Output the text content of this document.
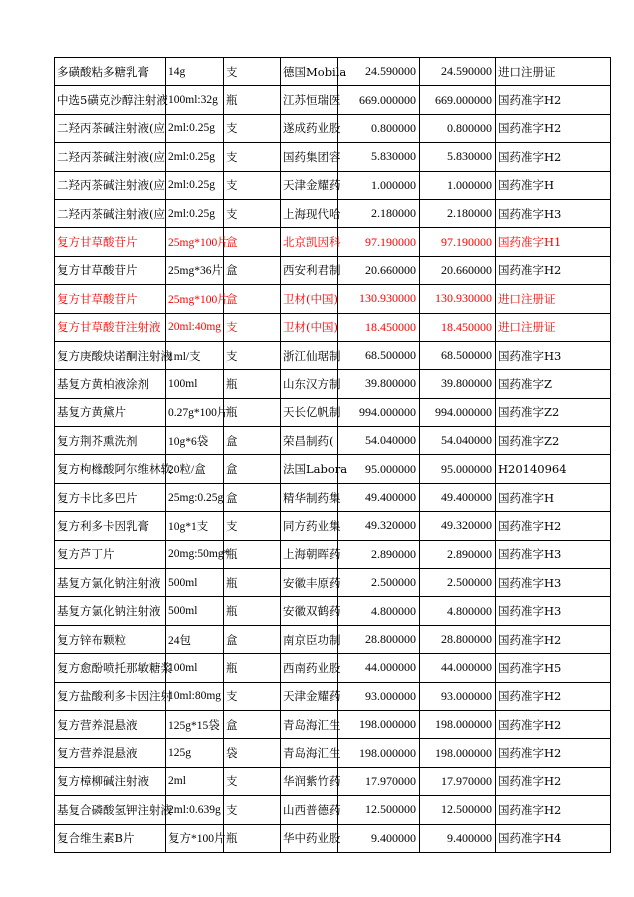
多磺酸粘多糖乳膏	14g	支	德国Mobila	24.590000	24.590000	进口注册证
中选5磺克沙醇注射液	100ml:32g	瓶	江苏恒瑞医	669.000000	669.000000	国药准字H2
二羟丙茶碱注射液(应	2ml:0.25g	支	遂成药业股	0.800000	0.800000	国药准字H2
二羟丙茶碱注射液(应	2ml:0.25g	支	国药集团容	5.830000	5.830000	国药准字H2
二羟丙茶碱注射液(应	2ml:0.25g	支	天津金耀药	1.000000	1.000000	国药准字H
二羟丙茶碱注射液(应	2ml:0.25g	支	上海现代哈	2.180000	2.180000	国药准字H3
复方甘草酸苷片	25mg*100片	盒	北京凯因科	97.190000	97.190000	国药准字H1
复方甘草酸苷片	25mg*36片	盒	西安利君制	20.660000	20.660000	国药准字H2
复方甘草酸苷片	25mg*100片	盒	卫材(中国)	130.930000	130.930000	进口注册证
复方甘草酸苷注射液	20ml:40mg	支	卫材(中国)	18.450000	18.450000	进口注册证
复方庚酸炔诺酮注射液	1ml/支	支	浙江仙琚制	68.500000	68.500000	国药准字H3
基复方黄柏液涂剂	100ml	瓶	山东汉方制	39.800000	39.800000	国药准字Z
基复方黄黛片	0.27g*100片	瓶	天长亿帆制	994.000000	994.000000	国药准字Z2
复方荆芥熏洗剂	10g*6袋	盒	荣昌制药(	54.040000	54.040000	国药准字Z2
复方枸橼酸阿尔维林软	20粒/盒	盒	法国Labora	95.000000	95.000000	H20140964
复方卡比多巴片	25mg:0.25g	盒	精华制药集	49.400000	49.400000	国药准字H
复方利多卡因乳膏	10g*1支	支	同方药业集	49.320000	49.320000	国药准字H2
复方芦丁片	20mg:50mg*	瓶	上海朝晖药	2.890000	2.890000	国药准字H3
基复方氯化钠注射液	500ml	瓶	安徽丰原药	2.500000	2.500000	国药准字H3
基复方氯化钠注射液	500ml	瓶	安徽双鹤药	4.800000	4.800000	国药准字H3
复方锌布颗粒	24包	盒	南京臣功制	28.800000	28.800000	国药准字H2
复方愈酚喷托那敏糖浆	100ml	瓶	西南药业股	44.000000	44.000000	国药准字H5
复方盐酸利多卡因注射	10ml:80mg	支	天津金耀药	93.000000	93.000000	国药准字H2
复方营养混悬液	125g*15袋	盒	青岛海汇生	198.000000	198.000000	国药准字H2
复方营养混悬液	125g	袋	青岛海汇生	198.000000	198.000000	国药准字H2
复方樟柳碱注射液	2ml	支	华润紫竹药	17.970000	17.970000	国药准字H2
基复合磷酸氢钾注射液	2ml:0.639g	支	山西普德药	12.500000	12.500000	国药准字H2
复合维生素B片	复方*100片	瓶	华中药业股	9.400000	9.400000	国药准字H4
